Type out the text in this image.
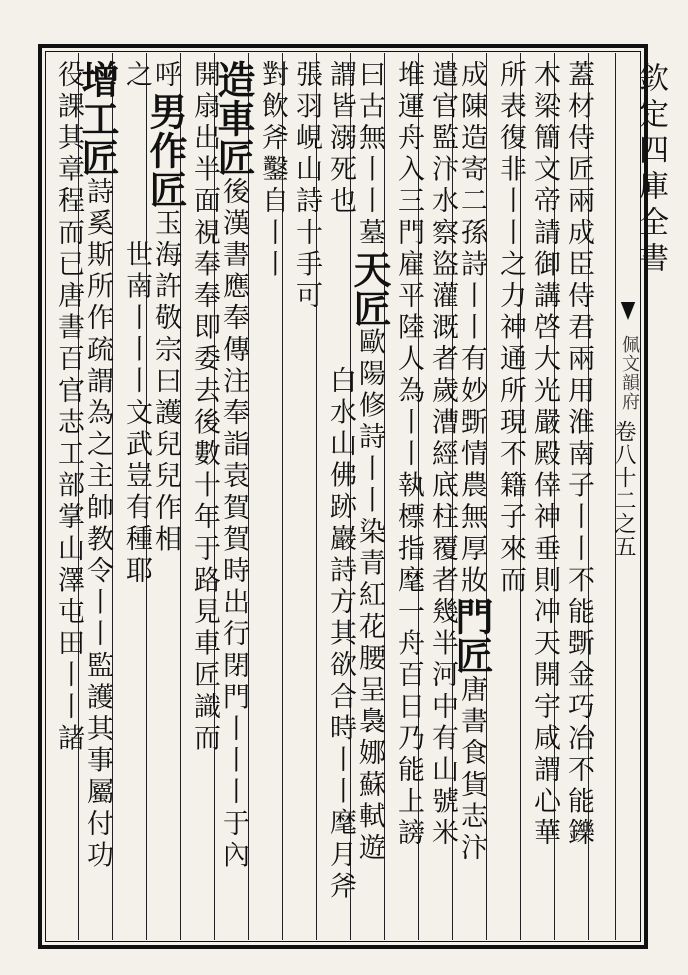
欽定四庫全書
佩文韻府
卷八十二之五
蓋材侍匠兩成臣侍君兩用淮南子丨丨不能斲金巧冶不能鑠
木梁簡文帝請御講啓大光嚴殿倖神垂則冲天開宇咸謂心華
所表復非丨丨之力神通所現不籍子來而
成陳造寄二孫詩丨丨有妙斲情農無厚妝門匠唐書食貨志汴
遣官監汴水察盜灌溉者歲漕經底柱覆者幾半河中有山號米
堆運舟入三門雇平陸人為丨丨執標指麾一舟百日乃能上謗
曰古無丨丨墓天匠歐陽修詩丨丨染青紅花腰呈裊娜蘇軾遊
謂皆溺死也白水山佛跡巖詩方其欲合時丨丨麾月斧
張羽峴山詩十手可
對飲斧鑿自丨丨
造車匠後漢書應奉傳注奉詣袁賀賀時出行閉門丨丨丨于內
開扇出半面視奉奉即委去後數十年于路見車匠識而
呼男作匠玉海許敬宗曰護兒兒作相
之世南丨丨丨文武豈有種耶
增工匠詩奚斯所作疏謂為之主帥教令丨丨監護其事屬付功
役課其章程而已唐書百官志工部掌山澤屯田丨丨諸
